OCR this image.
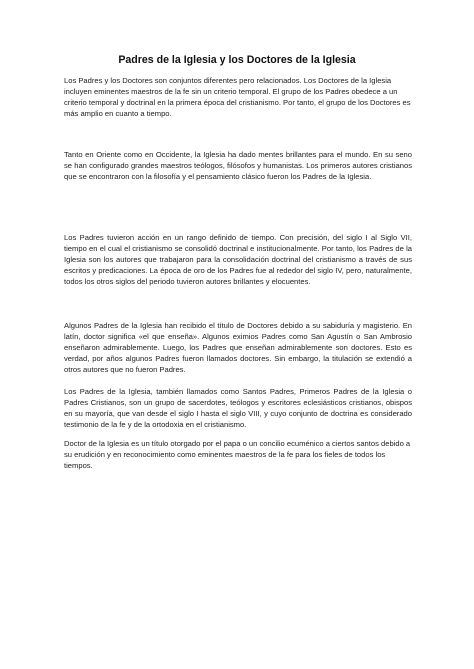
Padres de la Iglesia y los Doctores de la Iglesia

Los Padres y los Doctores son conjuntos diferentes pero relacionados. Los Doctores de la Iglesia incluyen eminentes maestros de la fe sin un criterio temporal. El grupo de los Padres obedece a un criterio temporal y doctrinal en la primera época del cristianismo. Por tanto, el grupo de los Doctores es más amplio en cuanto a tiempo.

Tanto en Oriente como en Occidente, la Iglesia ha dado mentes brillantes para el mundo. En su seno se han configurado grandes maestros teólogos, filósofos y humanistas. Los primeros autores cristianos que se encontraron con la filosofía y el pensamiento clásico fueron los Padres de la Iglesia.

Los Padres tuvieron acción en un rango definido de tiempo. Con precisión, del siglo I al Siglo VII, tiempo en el cual el cristianismo se consolidó doctrinal e institucionalmente. Por tanto, los Padres de la Iglesia son los autores que trabajaron para la consolidación doctrinal del cristianismo a través de sus escritos y predicaciones. La época de oro de los Padres fue al rededor del siglo IV, pero, naturalmente, todos los otros siglos del periodo tuvieron autores brillantes y elocuentes.

Algunos Padres de la Iglesia han recibido el título de Doctores debido a su sabiduría y magisterio. En latín, doctor significa «el que enseña». Algunos eximios Padres como San Agustín o San Ambrosio enseñaron admirablemente. Luego, los Padres que enseñan admirablemente son doctores. Esto es verdad, por años algunos Padres fueron llamados doctores. Sin embargo, la titulación se extendió a otros autores que no fueron Padres.

Los Padres de la Iglesia, también llamados como Santos Padres, Primeros Padres de la Iglesia o Padres Cristianos, son un grupo de sacerdotes, teólogos y escritores eclesiásticos cristianos, obispos en su mayoría, que van desde el siglo I hasta el siglo VIII, y cuyo conjunto de doctrina es considerado testimonio de la fe y de la ortodoxia en el cristianismo.

Doctor de la Iglesia es un título otorgado por el papa o un concilio ecuménico a ciertos santos debido a su erudición y en reconocimiento como eminentes maestros de la fe para los fieles de todos los tiempos.
